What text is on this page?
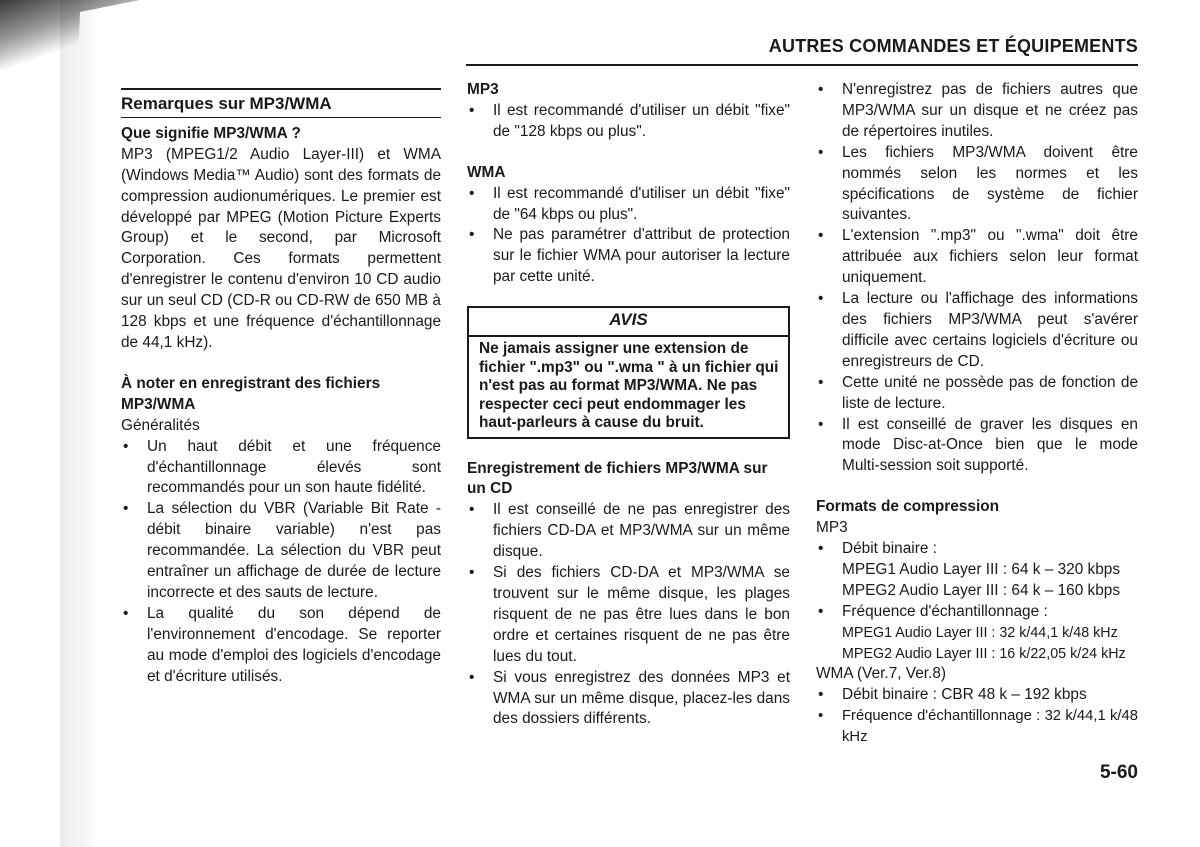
AUTRES COMMANDES ET ÉQUIPEMENTS
Remarques sur MP3/WMA
Que signifie MP3/WMA ?

MP3 (MPEG1/2 Audio Layer-III) et WMA (Windows Media™ Audio) sont des formats de compression audionumériques. Le premier est développé par MPEG (Motion Picture Experts Group) et le second, par Microsoft Corporation. Ces formats permettent d'enregistrer le contenu d'environ 10 CD audio sur un seul CD (CD-R ou CD-RW de 650 MB à 128 kbps et une fréquence d'échantillonnage de 44,1 kHz).

À noter en enregistrant des fichiers MP3/WMA
Généralités
• Un haut débit et une fréquence d'échantillonnage élevés sont recommandés pour un son haute fidélité.
• La sélection du VBR (Variable Bit Rate - débit binaire variable) n'est pas recommandée. La sélection du VBR peut entraîner un affichage de durée de lecture incorrecte et des sauts de lecture.
• La qualité du son dépend de l'environnement d'encodage. Se reporter au mode d'emploi des logiciels d'encodage et d'écriture utilisés.
MP3
• Il est recommandé d'utiliser un débit "fixe" de "128 kbps ou plus".
WMA
• Il est recommandé d'utiliser un débit "fixe" de "64 kbps ou plus".
• Ne pas paramétrer d'attribut de protection sur le fichier WMA pour autoriser la lecture par cette unité.
AVIS
Ne jamais assigner une extension de fichier ".mp3" ou ".wma " à un fichier qui n'est pas au format MP3/WMA. Ne pas respecter ceci peut endommager les haut-parleurs à cause du bruit.
Enregistrement de fichiers MP3/WMA sur un CD
• Il est conseillé de ne pas enregistrer des fichiers CD-DA et MP3/WMA sur un même disque.
• Si des fichiers CD-DA et MP3/WMA se trouvent sur le même disque, les plages risquent de ne pas être lues dans le bon ordre et certaines risquent de ne pas être lues du tout.
• Si vous enregistrez des données MP3 et WMA sur un même disque, placez-les dans des dossiers différents.
• N'enregistrez pas de fichiers autres que MP3/WMA sur un disque et ne créez pas de répertoires inutiles.
• Les fichiers MP3/WMA doivent être nommés selon les normes et les spécifications de système de fichier suivantes.
• L'extension ".mp3" ou ".wma" doit être attribuée aux fichiers selon leur format uniquement.
• La lecture ou l'affichage des informations des fichiers MP3/WMA peut s'avérer difficile avec certains logiciels d'écriture ou enregistreurs de CD.
• Cette unité ne possède pas de fonction de liste de lecture.
• Il est conseillé de graver les disques en mode Disc-at-Once bien que le mode Multi-session soit supporté.
Formats de compression
MP3
• Débit binaire :
MPEG1 Audio Layer III : 64 k – 320 kbps
MPEG2 Audio Layer III : 64 k – 160 kbps
• Fréquence d'échantillonnage :
MPEG1 Audio Layer III : 32 k/44,1 k/48 kHz
MPEG2 Audio Layer III : 16 k/22,05 k/24 kHz
WMA (Ver.7, Ver.8)
• Débit binaire : CBR 48 k – 192 kbps
• Fréquence d'échantillonnage : 32 k/44,1 k/48 kHz
5-60
